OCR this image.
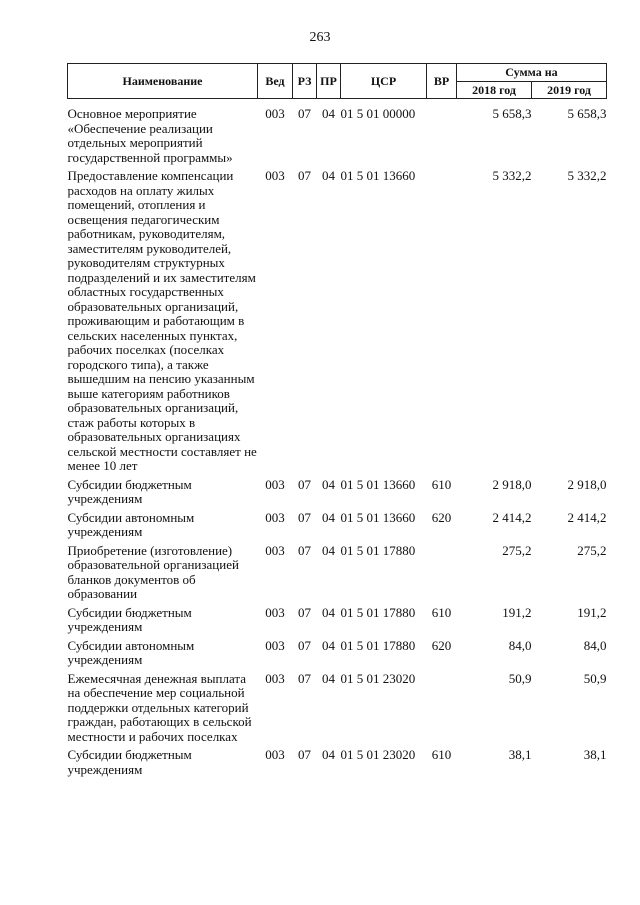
263
Наименование	Вед	РЗ	ПР	ЦСР	ВР	Сумма на	
						2018 год	2019 год
Основное мероприятие «Обеспечение реализации отдельных мероприятий государственной программы»	003	07	04	01 5 01 00000		5 658,3	5 658,3
Предоставление компенсации расходов на оплату жилых помещений, отопления и освещения педагогическим работникам, руководителям, заместителям руководителей, руководителям структурных подразделений и их заместителям областных государственных образовательных организаций, проживающим и работающим в сельских населенных пунктах, рабочих поселках (поселках городского типа), а также вышедшим на пенсию указанным выше категориям работников образовательных организаций, стаж работы которых в образовательных организациях сельской местности составляет не менее 10 лет	003	07	04	01 5 01 13660		5 332,2	5 332,2
Субсидии бюджетным учреждениям	003	07	04	01 5 01 13660	610	2 918,0	2 918,0
Субсидии автономным учреждениям	003	07	04	01 5 01 13660	620	2 414,2	2 414,2
Приобретение (изготовление) образовательной организацией бланков документов об образовании	003	07	04	01 5 01 17880		275,2	275,2
Субсидии бюджетным учреждениям	003	07	04	01 5 01 17880	610	191,2	191,2
Субсидии автономным учреждениям	003	07	04	01 5 01 17880	620	84,0	84,0
Ежемесячная денежная выплата на обеспечение мер социальной поддержки отдельных категорий граждан, работающих в сельской местности и рабочих поселках	003	07	04	01 5 01 23020		50,9	50,9
Субсидии бюджетным учреждениям	003	07	04	01 5 01 23020	610	38,1	38,1
